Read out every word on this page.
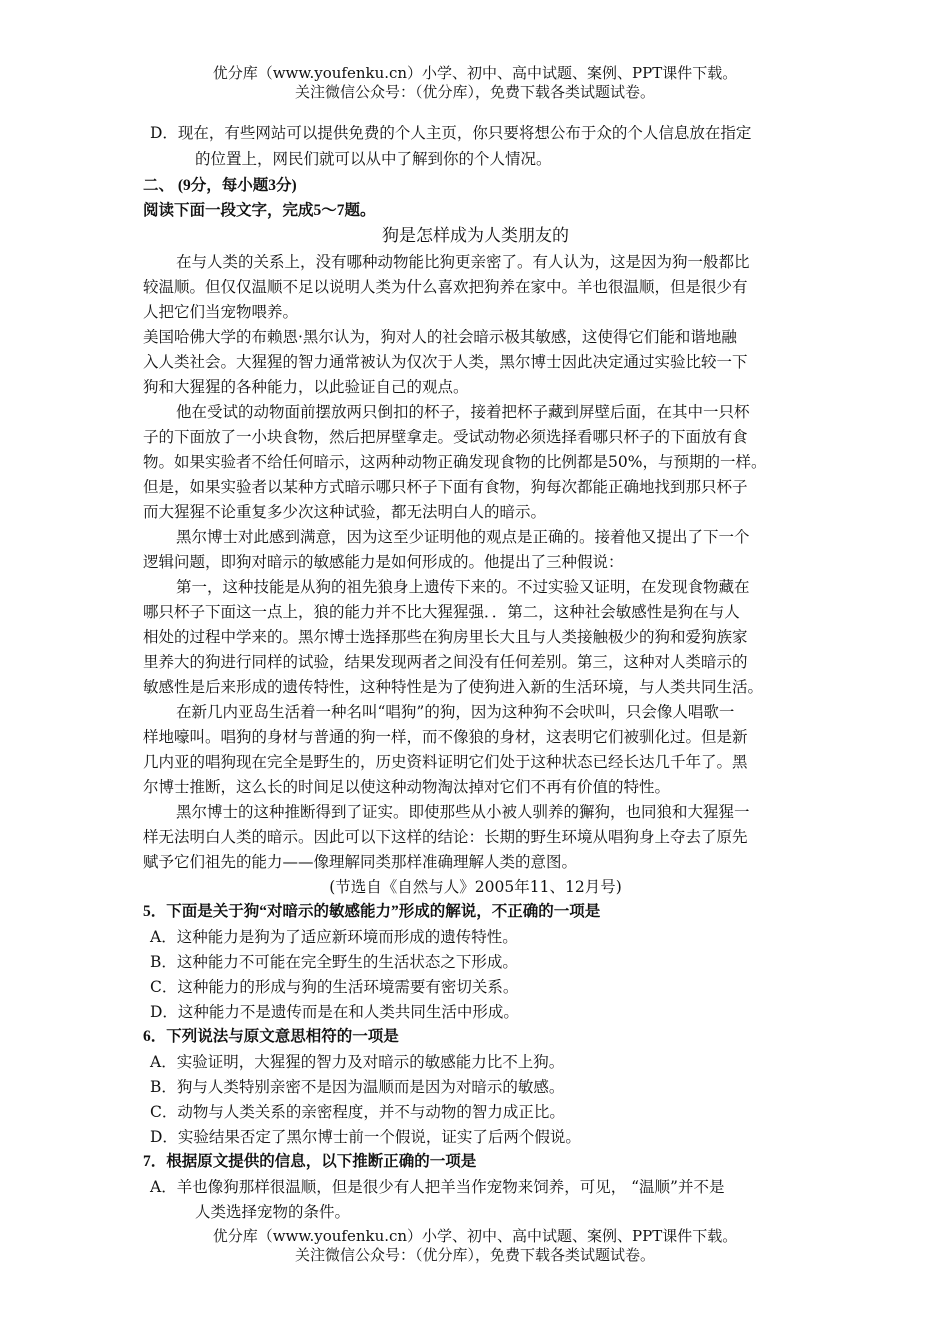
优分库（www.youfenku.cn）小学、初中、高中试题、案例、PPT课件下载。
关注微信公众号：（优分库），免费下载各类试题试卷。
D．现在，有些网站可以提供免费的个人主页，你只要将想公布于众的个人信息放在指定
的位置上，网民们就可以从中了解到你的个人情况。
二、 (9分，每小题3分)
阅读下面一段文字，完成5～7题。
狗是怎样成为人类朋友的
在与人类的关系上，没有哪种动物能比狗更亲密了。有人认为，这是因为狗一般都比
较温顺。但仅仅温顺不足以说明人类为什么喜欢把狗养在家中。羊也很温顺，但是很少有
人把它们当宠物喂养。
美国哈佛大学的布赖恩·黑尔认为，狗对人的社会暗示极其敏感，这使得它们能和谐地融
入人类社会。大猩猩的智力通常被认为仅次于人类，黑尔博士因此决定通过实验比较一下
狗和大猩猩的各种能力，以此验证自己的观点。
他在受试的动物面前摆放两只倒扣的杯子，接着把杯子藏到屏壁后面，在其中一只杯
子的下面放了一小块食物，然后把屏壁拿走。受试动物必须选择看哪只杯子的下面放有食
物。如果实验者不给任何暗示，这两种动物正确发现食物的比例都是50%，与预期的一样。
但是，如果实验者以某种方式暗示哪只杯子下面有食物，狗每次都能正确地找到那只杯子
而大猩猩不论重复多少次这种试验，都无法明白人的暗示。
黑尔博士对此感到满意，因为这至少证明他的观点是正确的。接着他又提出了下一个
逻辑问题，即狗对暗示的敏感能力是如何形成的。他提出了三种假说：
第一，这种技能是从狗的祖先狼身上遗传下来的。不过实验又证明，在发现食物藏在
哪只杯子下面这一点上，狼的能力并不比大猩猩强．．第二，这种社会敏感性是狗在与人
相处的过程中学来的。黑尔博士选择那些在狗房里长大且与人类接触极少的狗和爱狗族家
里养大的狗进行同样的试验，结果发现两者之间没有任何差别。第三，这种对人类暗示的
敏感性是后来形成的遗传特性，这种特性是为了使狗进入新的生活环境，与人类共同生活。
在新几内亚岛生活着一种名叫“唱狗”的狗，因为这种狗不会吠叫，只会像人唱歌一
样地嚎叫。唱狗的身材与普通的狗一样，而不像狼的身材，这表明它们被驯化过。但是新
几内亚的唱狗现在完全是野生的，历史资料证明它们处于这种状态已经长达几千年了。黑
尔博士推断，这么长的时间足以使这种动物淘汰掉对它们不再有价值的特性。
黑尔博士的这种推断得到了证实。即使那些从小被人驯养的獬狗，也同狼和大猩猩一
样无法明白人类的暗示。因此可以下这样的结论：长期的野生环境从唱狗身上夺去了原先
赋予它们祖先的能力——像理解同类那样准确理解人类的意图。
(节选自《自然与人》2005年11、12月号)
5．下面是关于狗“对暗示的敏感能力”形成的解说，不正确的一项是
A．这种能力是狗为了适应新环境而形成的遗传特性。
B．这种能力不可能在完全野生的生活状态之下形成。
C．这种能力的形成与狗的生活环境需要有密切关系。
D．这种能力不是遗传而是在和人类共同生活中形成。
6．下列说法与原文意思相符的一项是
A．实验证明，大猩猩的智力及对暗示的敏感能力比不上狗。
B．狗与人类特别亲密不是因为温顺而是因为对暗示的敏感。
C．动物与人类关系的亲密程度，并不与动物的智力成正比。
D．实验结果否定了黑尔博士前一个假说，证实了后两个假说。
7．根据原文提供的信息，以下推断正确的一项是
A．羊也像狗那样很温顺，但是很少有人把羊当作宠物来饲养，可见， “温顺”并不是
人类选择宠物的条件。
优分库（www.youfenku.cn）小学、初中、高中试题、案例、PPT课件下载。
关注微信公众号：（优分库），免费下载各类试题试卷。
